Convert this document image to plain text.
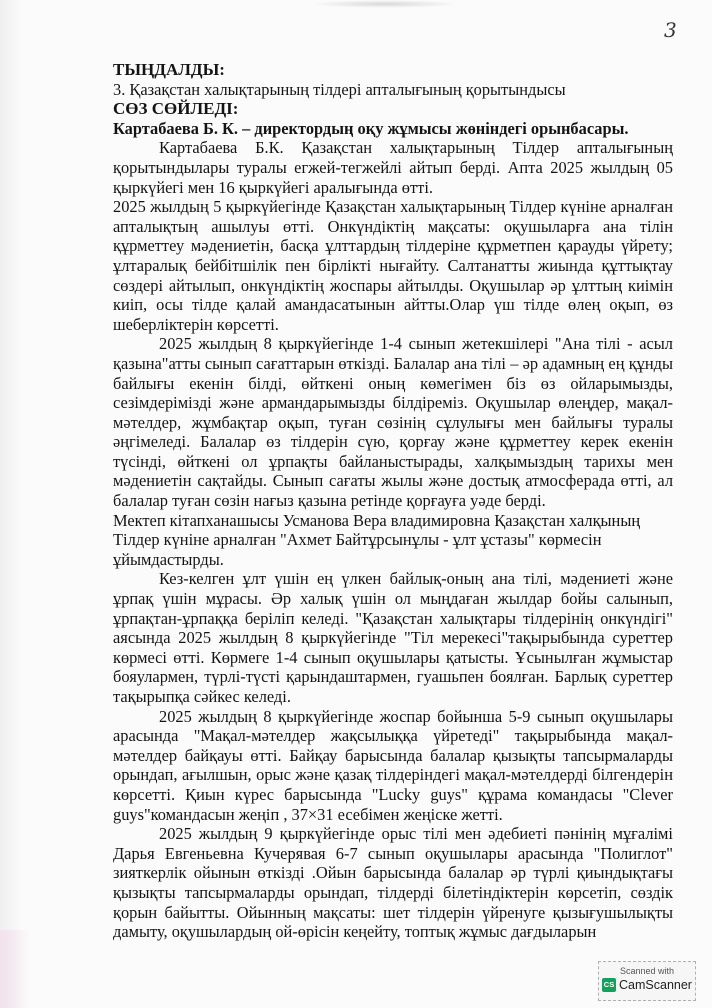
3
ТЫҢДАЛДЫ:
3. Қазақстан халықтарының тілдері апталығының қорытындысы
СӨЗ СӨЙЛЕДІ:
Картабаева Б. К. – директордың оқу жұмысы жөніндегі орынбасары.
Картабаева Б.К. Қазақстан халықтарының Тілдер апталығының қорытындылары туралы егжей-тегжейлі айтып берді. Апта 2025 жылдың 05 қыркүйегі мен 16 қыркүйегі аралығында өтті.
2025 жылдың 5 қыркүйегінде Қазақстан халықтарының Тілдер күніне арналған апталықтың ашылуы өтті. Онкүндіктің мақсаты: оқушыларға ана тілін құрметтеу мәдениетін, басқа ұлттардың тілдеріне құрметпен қарауды үйрету; ұлтаралық бейбітшілік пен бірлікті нығайту. Салтанатты жиында құттықтау сөздері айтылып, онкүндіктің жоспары айтылды. Оқушылар әр ұлттың киімін киіп, осы тілде қалай амандасатынын айтты.Олар үш тілде өлең оқып, өз шеберліктерін көрсетті.
2025 жылдың 8 қыркүйегінде 1-4 сынып жетекшілері "Ана тілі - асыл қазына"атты сынып сағаттарын өткізді. Балалар ана тілі – әр адамның ең құнды байлығы екенін білді, өйткені оның көмегімен біз өз ойларымызды, сезімдерімізді және армандарымызды білдіреміз. Оқушылар өлеңдер, мақал-мәтелдер, жұмбақтар оқып, туған сөзінің сұлулығы мен байлығы туралы әңгімеледі. Балалар өз тілдерін сүю, қорғау және құрметтеу керек екенін түсінді, өйткені ол ұрпақты байланыстырады, халқымыздың тарихы мен мәдениетін сақтайды. Сынып сағаты жылы және достық атмосферада өтті, ал балалар туған сөзін нағыз қазына ретінде қорғауға уәде берді.
Мектеп кітапханашысы Усманова Вера владимировна Қазақстан халқының Тілдер күніне арналған "Ахмет Байтұрсынұлы - ұлт ұстазы" көрмесін ұйымдастырды.
Кез-келген ұлт үшін ең үлкен байлық-оның ана тілі, мәдениеті және ұрпақ үшін мұрасы. Әр халық үшін ол мыңдаған жылдар бойы салынып, ұрпақтан-ұрпаққа беріліп келеді. "Қазақстан халықтары тілдерінің онкүндігі" аясында 2025 жылдың 8 қыркүйегінде "Тіл мерекесі"тақырыбында суреттер көрмесі өтті. Көрмеге 1-4 сынып оқушылары қатысты. Ұсынылған жұмыстар бояулармен, түрлі-түсті қарындаштармен, гуашьпен боялған. Барлық суреттер тақырыпқа сәйкес келеді.
2025 жылдың 8 қыркүйегінде жоспар бойынша 5-9 сынып оқушылары арасында "Мақал-мәтелдер жақсылыққа үйретеді" тақырыбында мақал-мәтелдер байқауы өтті. Байқау барысында балалар қызықты тапсырмаларды орындап, ағылшын, орыс және қазақ тілдеріндегі мақал-мәтелдерді білгендерін көрсетті. Қиын күрес барысында "Lucky guys" құрама командасы "Clever guys"командасын жеңіп , 37×31 есебімен жеңіске жетті.
2025 жылдың 9 қыркүйегінде орыс тілі мен әдебиеті пәнінің мұғалімі Дарья Евгеньевна Кучерявая 6-7 сынып оқушылары арасында "Полиглот" зияткерлік ойынын өткізді .Ойын барысында балалар әр түрлі қиындықтағы қызықты тапсырмаларды орындап, тілдерді білетіндіктерін көрсетіп, сөздік қорын байытты. Ойынның мақсаты: шет тілдерін үйренуге қызығушылықты дамыту, оқушылардың ой-өрісін кеңейту, топтық жұмыс дағдыларын
Scanned with
CS CamScanner
